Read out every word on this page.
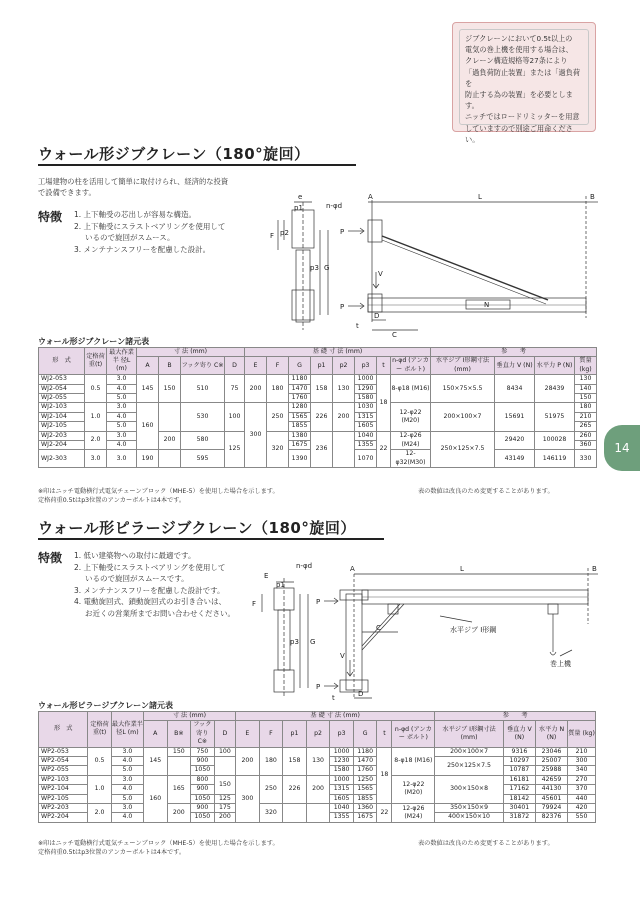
ジブクレーンにおいて0.5t以上の
電気の巻上機を使用する場合は、
クレーン構造規格等27条により
「過負荷防止装置」または「過負荷を
防止する為の装置」を必要とします。
ニッチではロードリミッターを用意
していますので別途ご用命ください。
ウォール形ジブクレーン（180°旋回）
工場建物の柱を活用して簡単に取付けられ、経済的な投資
で設備できます。
特徴 1. 上下軸受の芯出しが容易な構造。
2. 上下軸受にスラストベアリングを使用して
いるので旋回がスムース。
3. メンテナンスフリーを配慮した設計。
e
F p2
p3 G
p1	n-φd
A	L	B
P
P
V
D
t
C
N
ウォール形ジブクレーン諸元表
形　式	定格荷重(t)	最大作業半 径L (m)	寸 法 (mm)				基 礎 寸 法 (mm)								参　　考			
			A	B	フック寄り C※	D	E	F	G	p1	p2	p3	t	n-φd (アンカー ボルト)	水平ジブ I形鋼寸法 (mm)	垂直力 V (N)	水平力 P (N)	質量 (kg)
WJ2-053	0.5	3.0	145	150	510	75	200	180	1180	158	130	1000	18	8-φ18 (M16)	150×75×5.5	8434	28439	130
WJ2-054		4.0							1470			1290						140
WJ2-055		5.0							1760			1580						150
WJ2-103	1.0	3.0	160		530	100	300	250	1280	226	200	1030		12-φ22 (M20)	200×100×7	15691	51975	180
WJ2-104		4.0							1565			1315						210
WJ2-105		5.0							1855			1605						265
WJ2-203	2.0	3.0		200	580	125		320	1380	236		1040	22	12-φ26 (M24)	250×125×7.5	29420	100028	260
WJ2-204		4.0							1675			1355						360
WJ2-303	3.0	3.0	190		595				1390			1070		12-φ32(M30)		43149	146119	330
※印はニッチ電動横行式電気チェーンブロック（MHE-5）を使用した場合を示します。
定格荷重0.5tはp3位置のアンカーボルトは4本です。
表の数値は改良のため変更することがあります。
14
ウォール形ピラージブクレーン（180°旋回）
特徴 1. 低い建築物への取付に最適です。
2. 上下軸受にスラストベアリングを使用して
いるので旋回がスムースです。
3. メンテナンスフリーを配慮した設計です。
4. 電動旋回式、鎖動旋回式のお引き合いは、
お近くの営業所までお問い合わせください。
n-φd
E
p1
A	L	B
F	P
P
p3 G
C
V
D
t
水平ジブ I形鋼
巻上機
ウォール形ピラージブクレーン諸元表
形　式	定格荷重(t)	最大作業半 径L (m)	寸 法 (mm)				基 礎 寸 法 (mm)								参　　考			
			A	B※	フック寄り C※	D	E	F	p1	p2	p3	G	t	n-φd (アンカー ボルト)	水平ジブ I形鋼寸法 (mm)	垂直力 V (N)	水平力 N (N)	質量 (kg)
WP2-053	0.5	3.0	145	150	750	100	200	180	158	130	1000	1180	18	8-φ18 (M16)	200×100×7	9316	23046	210
WP2-054		4.0			900						1230	1470			250×125×7.5	10297	25007	300
WP2-055		5.0			1050						1580	1760				10787	25988	340
WP2-103	1.0	3.0	160	165	800	150	300	250	226	200	1000	1250		12-φ22 (M20)	300×150×8	16181	42659	270
WP2-104		4.0			900						1315	1565				17162	44130	370
WP2-105		5.0			1050	125					1605	1855				18142	45601	440
WP2-203	2.0	3.0		200	900	175		320			1040	1360	22	12-φ26 (M24)	350×150×9	30401	79924	420
WP2-204		4.0			1050	200					1355	1675			400×150×10	31872	82376	550
※印はニッチ電動横行式電気チェーンブロック（MHE-5）を使用した場合を示します。
定格荷重0.5tはp3位置のアンカーボルトは4本です。
表の数値は改良のため変更することがあります。
